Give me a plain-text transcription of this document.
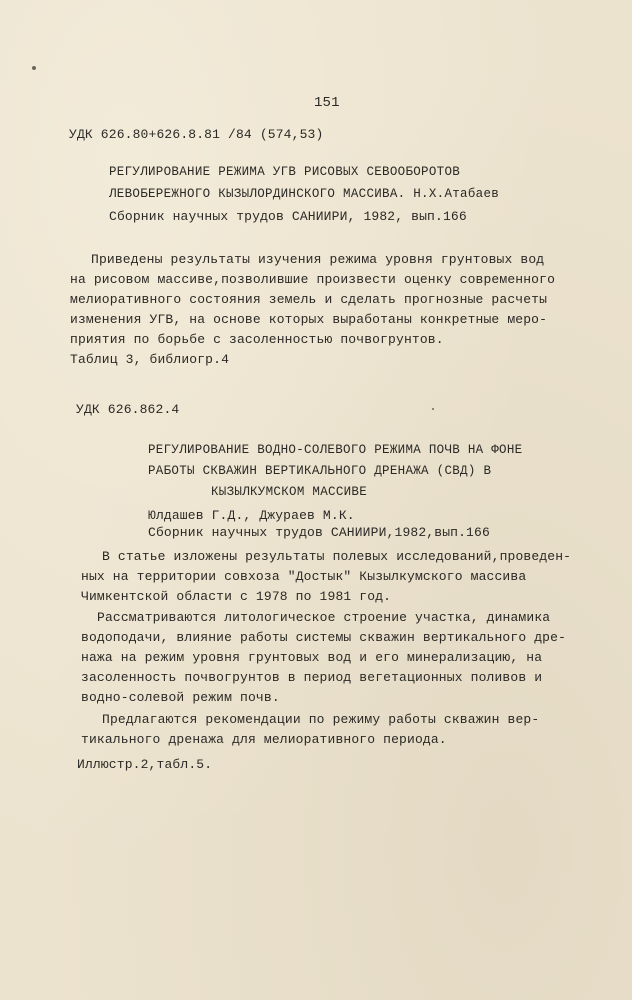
151
УДК 626.80+626.8.81 /84 (574,53)
РЕГУЛИРОВАНИЕ РЕЖИМА УГВ РИСОВЫХ СЕВООБОРОТОВ
ЛЕВОБЕРЕЖНОГО КЫЗЫЛОРДИНСКОГО МАССИВА. Н.Х.Атабаев
Сборник научных трудов САНИИРИ, 1982, вып.166
Приведены результаты изучения режима уровня грунтовых вод
на рисовом массиве,позволившие произвести оценку современного
мелиоративного состояния земель и сделать прогнозные расчеты
изменения УГВ, на основе которых выработаны конкретные меро-
приятия по борьбе с засоленностью почвогрунтов.
Таблиц 3, библиогр.4
УДК 626.862.4
РЕГУЛИРОВАНИЕ ВОДНО-СОЛЕВОГО РЕЖИМА ПОЧВ НА ФОНЕ
РАБОТЫ СКВАЖИН ВЕРТИКАЛЬНОГО ДРЕНАЖА (СВД) В
КЫЗЫЛКУМСКОМ МАССИВЕ
Юлдашев Г.Д., Джураев М.К.
Сборник научных трудов САНИИРИ,1982,вып.166
В статье изложены результаты полевых исследований,проведен-
ных на территории совхоза "Достык" Кызылкумского массива
Чимкентской области с 1978 по 1981 год.
Рассматриваются литологическое строение участка, динамика
водоподачи, влияние работы системы скважин вертикального дре-
нажа на режим уровня грунтовых вод и его минерализацию, на
засоленность почвогрунтов в период вегетационных поливов и
водно-солевой режим почв.
Предлагаются рекомендации по режиму работы скважин вер-
тикального дренажа для мелиоративного периода.
Иллюстр.2,табл.5.
